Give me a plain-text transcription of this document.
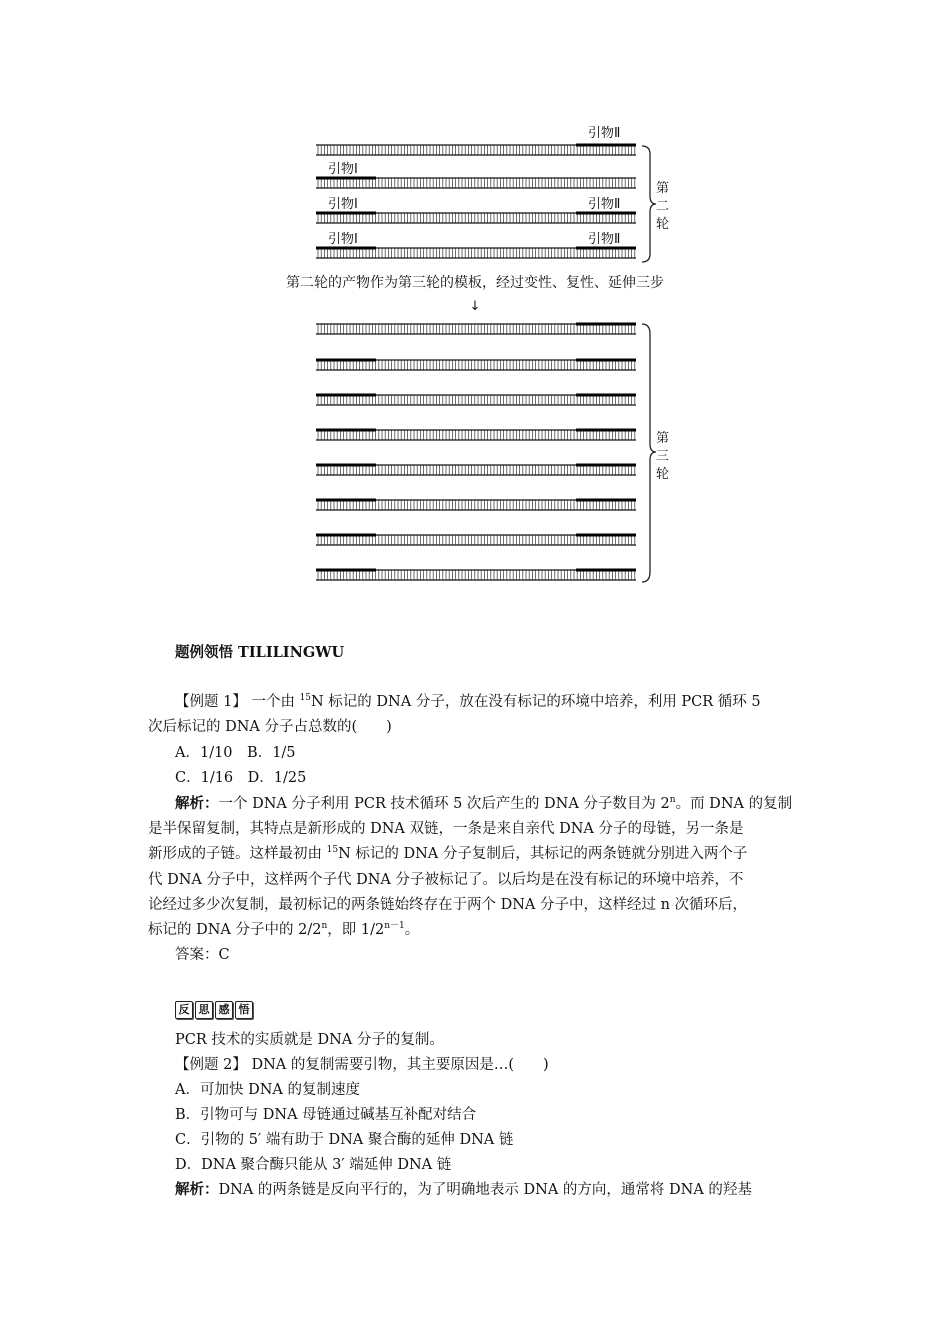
引物Ⅱ
引物Ⅰ
引物Ⅰ	引物Ⅱ
引物Ⅰ	引物Ⅱ
第
二
轮
第二轮的产物作为第三轮的模板，经过变性、复性、延伸三步
↓
第
三
轮
题例领悟 TILILINGWU
【例题 1】 一个由 $^{15}$N 标记的 DNA 分子，放在没有标记的环境中培养，利用 PCR 循环 5
次后标记的 DNA 分子占总数的(　　)
A．1/10　B．1/5
C．1/16　D．1/25
解析：一个 DNA 分子利用 PCR 技术循环 5 次后产生的 DNA 分子数目为 2$^n$。而 DNA 的复制
是半保留复制，其特点是新形成的 DNA 双链，一条是来自亲代 DNA 分子的母链，另一条是
新形成的子链。这样最初由 $^{15}$N 标记的 DNA 分子复制后，其标记的两条链就分别进入两个子
代 DNA 分子中，这样两个子代 DNA 分子被标记了。以后均是在没有标记的环境中培养，不
论经过多少次复制，最初标记的两条链始终存在于两个 DNA 分子中，这样经过 n 次循环后，
标记的 DNA 分子中的 2/2$^n$，即 $1/2^{n-1}$。
答案：C
反 思 感 悟
PCR 技术的实质就是 DNA 分子的复制。
【例题 2】 DNA 的复制需要引物，其主要原因是…(　　)
A．可加快 DNA 的复制速度
B．引物可与 DNA 母链通过碱基互补配对结合
C．引物的 5′ 端有助于 DNA 聚合酶的延伸 DNA 链
D．DNA 聚合酶只能从 3′ 端延伸 DNA 链
解析：DNA 的两条链是反向平行的，为了明确地表示 DNA 的方向，通常将 DNA 的羟基
